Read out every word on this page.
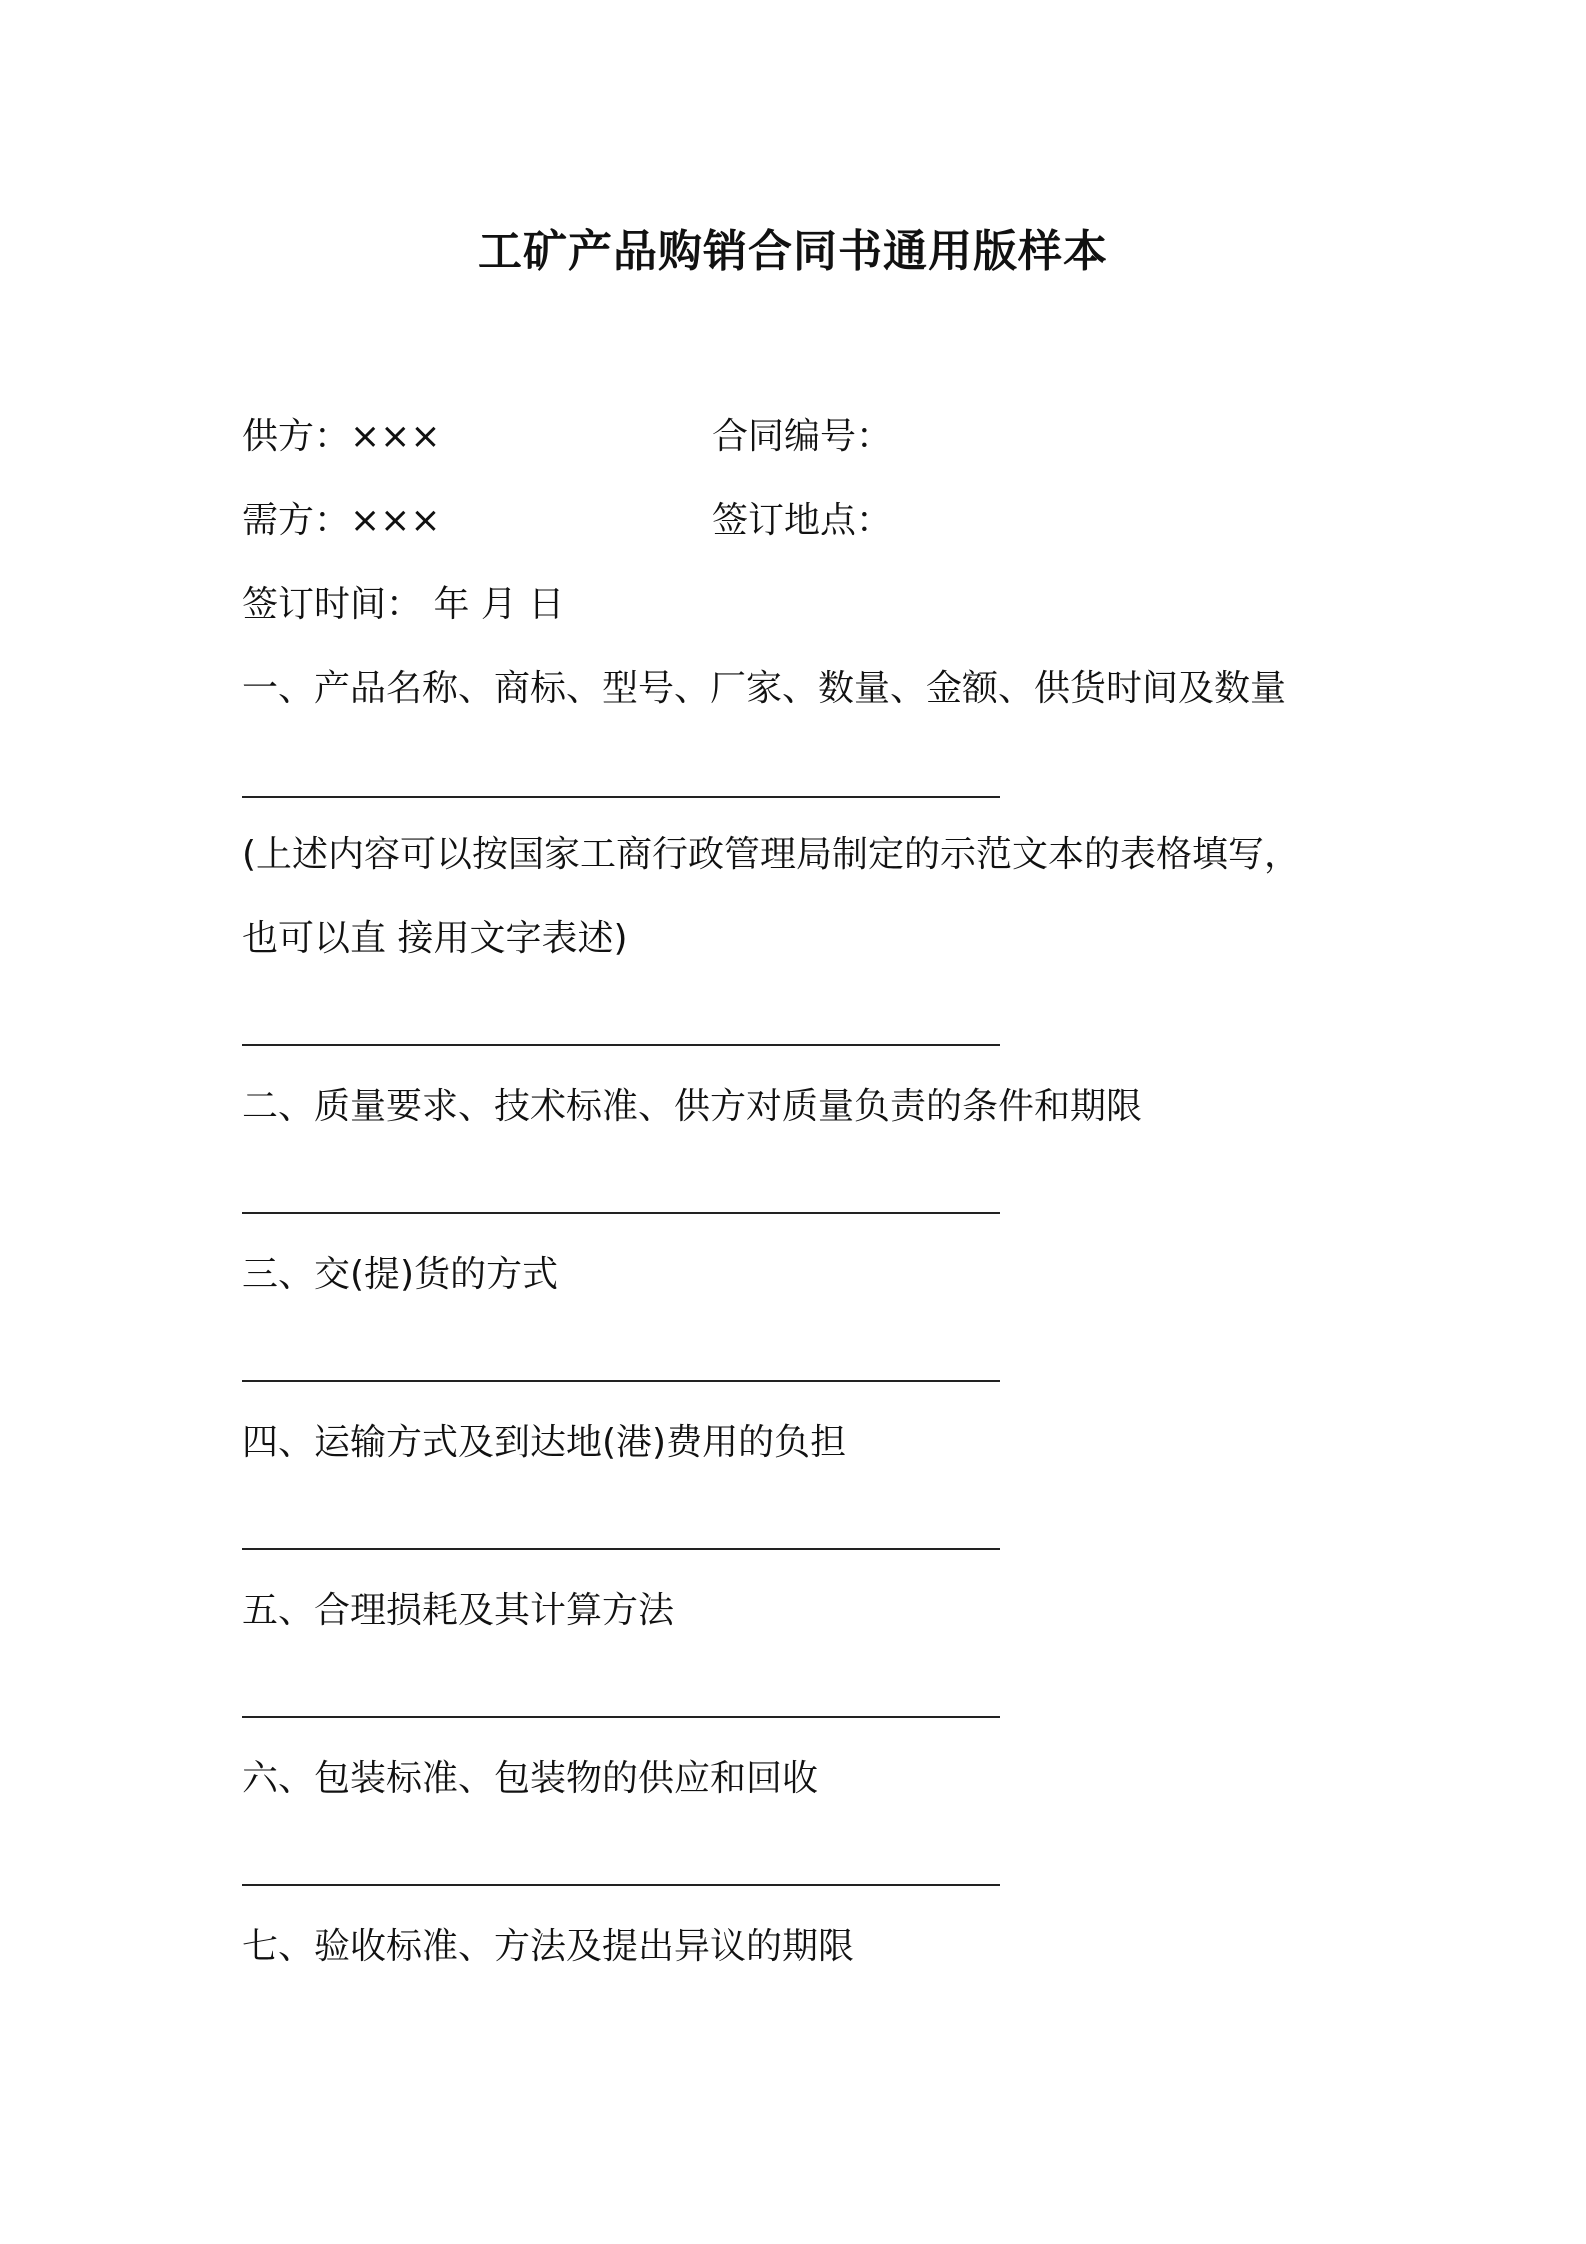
工矿产品购销合同书通用版样本
供方：×××	合同编号：
需方：×××	签订地点：
签订时间： 年 月 日
一、产品名称、商标、型号、厂家、数量、金额、供货时间及数量
(上述内容可以按国家工商行政管理局制定的示范文本的表格填写，
也可以直 接用文字表述)
二、质量要求、技术标准、供方对质量负责的条件和期限
三、交(提)货的方式
四、运输方式及到达地(港)费用的负担
五、合理损耗及其计算方法
六、包装标准、包装物的供应和回收
七、验收标准、方法及提出异议的期限
